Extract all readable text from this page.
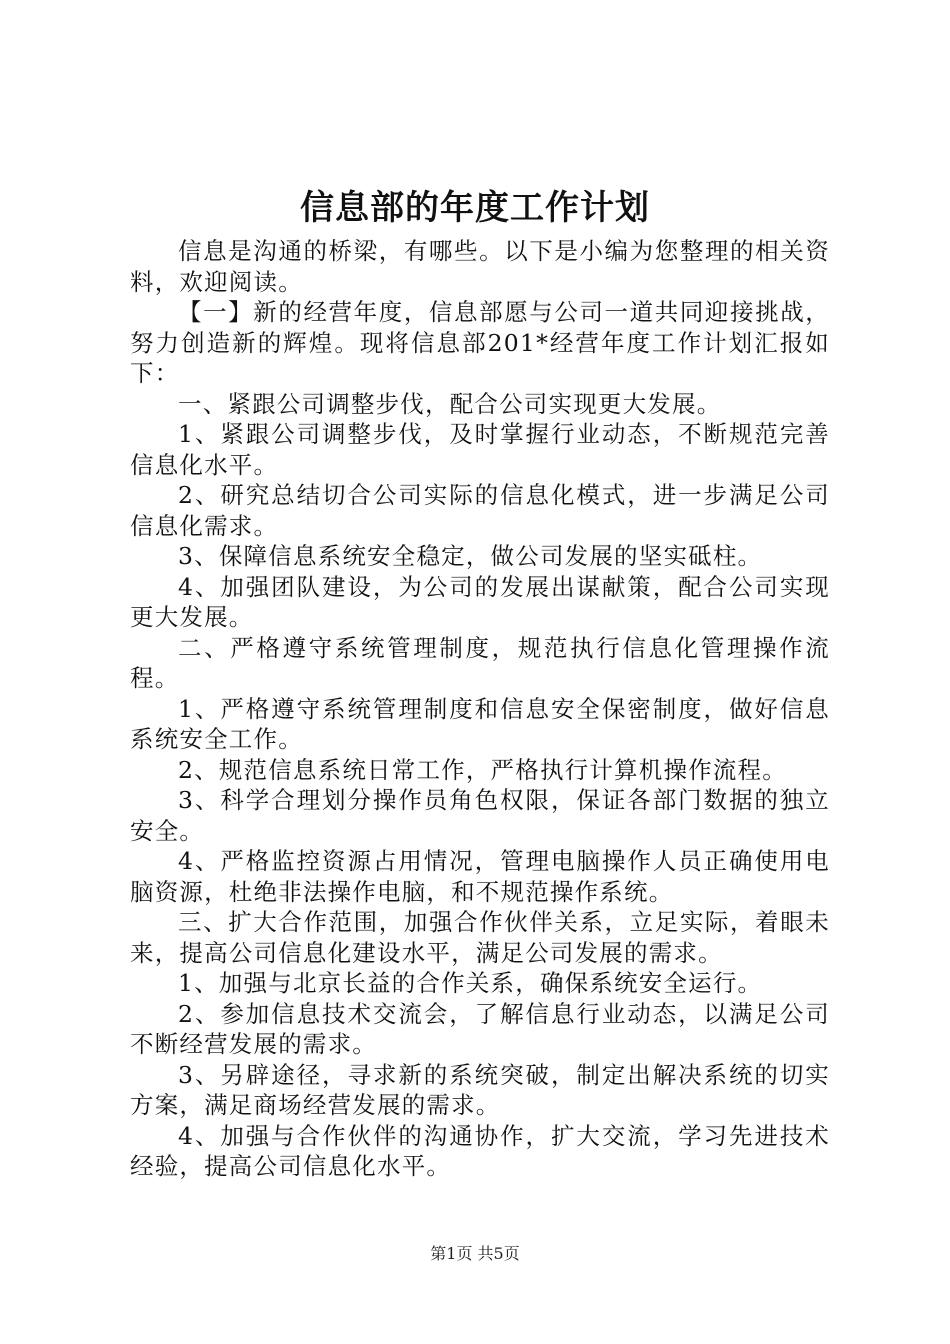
信息部的年度工作计划

信息是沟通的桥梁，有哪些。以下是小编为您整理的相关资料，欢迎阅读。

【一】新的经营年度，信息部愿与公司一道共同迎接挑战，努力创造新的辉煌。现将信息部201*经营年度工作计划汇报如下：

一、紧跟公司调整步伐，配合公司实现更大发展。

1、紧跟公司调整步伐，及时掌握行业动态，不断规范完善信息化水平。

2、研究总结切合公司实际的信息化模式，进一步满足公司信息化需求。

3、保障信息系统安全稳定，做公司发展的坚实砥柱。

4、加强团队建设，为公司的发展出谋献策，配合公司实现更大发展。

二、严格遵守系统管理制度，规范执行信息化管理操作流程。

1、严格遵守系统管理制度和信息安全保密制度，做好信息系统安全工作。

2、规范信息系统日常工作，严格执行计算机操作流程。

3、科学合理划分操作员角色权限，保证各部门数据的独立安全。

4、严格监控资源占用情况，管理电脑操作人员正确使用电脑资源，杜绝非法操作电脑，和不规范操作系统。

三、扩大合作范围，加强合作伙伴关系，立足实际，着眼未来，提高公司信息化建设水平，满足公司发展的需求。

1、加强与北京长益的合作关系，确保系统安全运行。

2、参加信息技术交流会，了解信息行业动态，以满足公司不断经营发展的需求。

3、另辟途径，寻求新的系统突破，制定出解决系统的切实方案，满足商场经营发展的需求。

4、加强与合作伙伴的沟通协作，扩大交流，学习先进技术经验，提高公司信息化水平。

第1页 共5页
